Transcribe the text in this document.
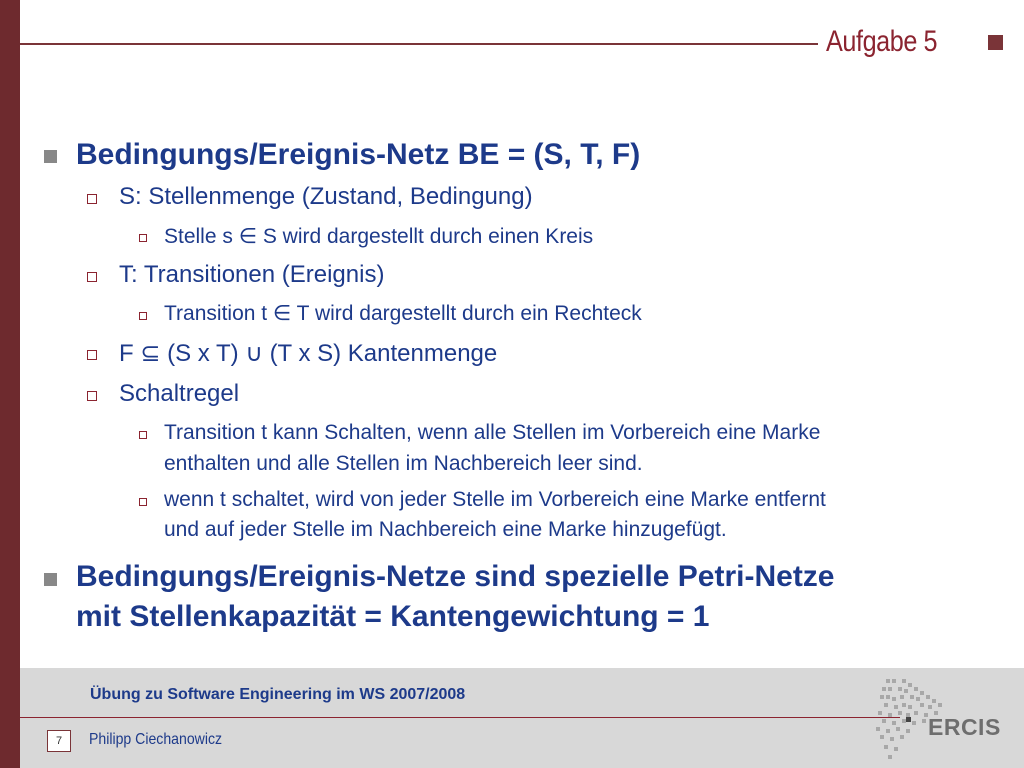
Aufgabe 5
Bedingungs/Ereignis-Netz BE = (S, T, F)
S: Stellenmenge (Zustand, Bedingung)
Stelle s ∈ S wird dargestellt durch einen Kreis
T: Transitionen (Ereignis)
Transition t ∈ T wird dargestellt durch ein Rechteck
F ⊆ (S x T) ∪ (T x S) Kantenmenge
Schaltregel
Transition t kann Schalten, wenn alle Stellen im Vorbereich eine Marke
enthalten und alle Stellen im Nachbereich leer sind.
wenn t schaltet, wird von jeder Stelle im Vorbereich eine Marke entfernt
und auf jeder Stelle im Nachbereich eine Marke hinzugefügt.
Bedingungs/Ereignis-Netze sind spezielle Petri-Netze
mit Stellenkapazität = Kantengewichtung = 1
Übung zu Software Engineering im WS 2007/2008
7	Philipp Ciechanowicz	ERCIS
